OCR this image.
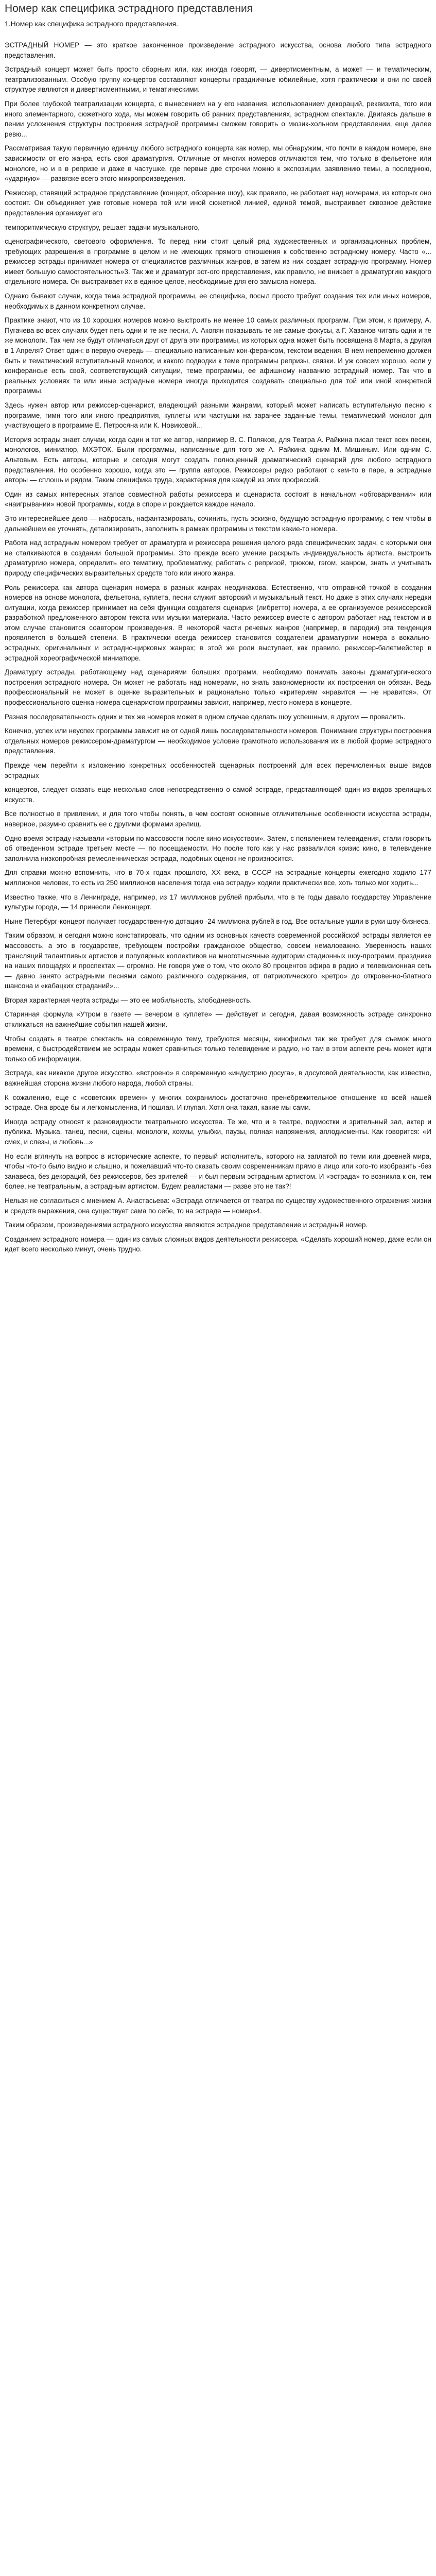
Номер как специфика эстрадного представления

1.Номер как специфика эстрадного представления.

ЭСТРАДНЫЙ НОМЕР — это краткое законченное произведение эстрадного искусства, основа любого типа эстрадного представления.

Эстрадный концерт может быть просто сборным или, как иногда говорят, — дивертисментным, а может — и тематическим, театрализованным. Особую группу концертов составляют концерты праздничные юбилейные, хотя практически и они по своей структуре являются и дивертисментными, и тематическими.

При более глубокой театрализации концерта, с вынесением на у его названия, использованием декораций, реквизита, того или иного элементарного, сюжетного хода, мы можем говорить об ранних представлениях, эстрадном спектакле. Двигаясь дальше в пении усложнения структуры построения эстрадной программы сможем говорить о мюзик-хольном представлении, еще далее ревю...

Рассматривая такую первичную единицу любого эстрадного концерта как номер, мы обнаружим, что почти в каждом номере, вне зависимости от его жанра, есть своя драматургия. Отличные от многих номеров отличаются тем, что только в фельетоне или монологе, но и в в репризе и даже в частушке, где первые две строчки можно к экспозиции, заявлению темы, а последнюю, «ударную» — развязке всего этого микропроизведения.

Режиссер, ставящий эстрадное представление (концерт, обозрение шоу), как правило, не работает над номерами, из которых оно состоит. Он объединяет уже готовые номера той или иной сюжетной линией, единой темой, выстраивает сквозное действие представления организует его

темпоритмическую структуру, решает задачи музыкального,

сценографического, светового оформления. То перед ним стоит целый ряд художественных и организационных проблем, требующих разрешения в программе в целом и не имеющих прямого отношения к собственно эстрадному номеру. Часто «... режиссер эстрады принимает номера от специалистов различных жанров, в затем из них создает эстрадную программу. Номер имеет большую самостоятельность»3. Так же и драматург эст-ого представления, как правило, не вникает в драматургию каждого отдельного номера. Он выстраивает их в единое целое, необходимые для его замысла номера.

Однако бывают случаи, когда тема эстрадной программы, ее специфика, посыл просто требует создания тех или иных номеров, необходимых в данном конкретном случае.

Практике знают, что из 10 хороших номеров можно выстроить не менее 10 самых различных программ. При этом, к примеру, А. Пугачева во всех случаях будет петь одни и те же песни, А. Акопян показывать те же самые фокусы, а Г. Хазанов читать одни и те же монологи. Так чем же будут отличаться друг от друга эти программы, из которых одна может быть посвящена 8 Марта, а другая в 1 Апреля? Ответ один: в первую очередь — специально написанным кон-ферансом, текстом ведения. В нем непременно должен быть и тематический вступительный монолог, и какого подводки к теме программы репризы, связки. И уж совсем хорошо, если у конферансье есть свой, соответствующий ситуации, теме программы, ее афишному названию эстрадный номер. Так что в реальных условиях те или иные эстрадные номера иногда приходится создавать специально для той или иной конкретной программы.

Здесь нужен автор или режиссер-сценарист, владеющий разными жанрами, который может написать вступительную песню к программе, гимн того или иного предприятия, куплеты или частушки на заранее заданные темы, тематический монолог для участвующего в программе Е. Петросяна или К. Новиковой...

История эстрады знает случаи, когда один и тот же автор, например В. С. Поляков, для Театра А. Райкина писал текст всех песен, монологов, миниатюр, МХЭТОК. Были программы, написанные для того же А. Райкина одним М. Мишиным. Или одним С. Альтовым. Есть авторы, которые и сегодня могут создать полноценный драматический сценарий для любого эстрадного представления. Но особенно хорошо, когда это — группа авторов. Режиссеры редко работают с кем-то в паре, а эстрадные авторы — сплошь и рядом. Таким специфика труда, характерная для каждой из этих профессий.

Один из самых интересных этапов совместной работы режиссера и сценариста состоит в начальном «обговаривании» или «наигрывании» новой программы, когда в споре и рождается каждое начало.

Это интереснейшее дело — набросать, нафантазировать, сочинить, пусть эскизно, будущую эстрадную программу, с тем чтобы в дальнейшем ее уточнять, детализировать, заполнить в рамках программы и текстом какие-то номера.

Работа над эстрадным номером требует от драматурга и режиссера решения целого ряда специфических задач, с которыми они не сталкиваются в создании большой программы. Это прежде всего умение раскрыть индивидуальность артиста, выстроить драматургию номера, определить его тематику, проблематику, работать с репризой, трюком, гэгом, жанром, знать и учитывать природу специфических выразительных средств того или иного жанра.

Роль режиссера как автора сценария номера в разных жанрах неодинакова. Естественно, что отправной точкой в создании номеров на основе монолога, фельетона, куплета, песни служит авторский и музыкальный текст. Но даже в этих случаях нередки ситуации, когда режиссер принимает на себя функции создателя сценария (либретто) номера, а ее организуемое режиссерской разработкой предложенного автором текста или музыки материала. Часто режиссер вместе с автором работает над текстом и в этом случае становится соавтором произведения. В некоторой части речевых жанров (например, в пародии) эта тенденция проявляется в большей степени. В практически всегда режиссер становится создателем драматургии номера в вокально-эстрадных, оригинальных и эстрадно-цирковых жанрах; в этой же роли выступает, как правило, режиссер-балетмейстер в эстрадной хореографической миниатюре.

Драматургу эстрады, работающему над сценариями больших программ, необходимо понимать законы драматургического построения эстрадного номера. Он может не работать над номерами, но знать закономерности их построения он обязан. Ведь профессиональный не может в оценке выразительных и рационально только «критериям «нравится — не нравится». От профессионального оценка номера сценаристом программы зависит, например, место номера в концерте.

Разная последовательность одних и тех же номеров может в одном случае сделать шоу успешным, в другом — провалить.

Конечно, успех или неуспех программы зависит не от одной лишь последовательности номеров. Понимание структуры построения отдельных номеров режиссером-драматургом — необходимое условие грамотного использования их в любой форме эстрадного представления.

Прежде чем перейти к изложению конкретных особенностей сценарных построений для всех перечисленных выше видов эстрадных

концертов, следует сказать еще несколько слов непосредственно о самой эстраде, представляющей один из видов зрелищных искусств.

Все полностью в привлении, и для того чтобы понять, в чем состоят основные отличительные особенности искусства эстрады, наверное, разумно сравнить ее с другими формами зрелищ.

Одно время эстраду называли «вторым по массовости после кино искусством». Затем, с появлением телевидения, стали говорить об отведенном эстраде третьем месте — по посещаемости. Но после того как у нас развалился кризис кино, в телевидение заполнила низкопробная ремесленническая эстрада, подобных оценок не произносится.

Для справки можно вспомнить, что в 70-х годах прошлого, XX века, в СССР на эстрадные концерты ежегодно ходило 177 миллионов человек, то есть из 250 миллионов населения тогда «на эстраду» ходили практически все, хоть только мог ходить...

Известно также, что в Ленинграде, например, из 17 миллионов рублей прибыли, что в те годы давало государству Управление культуры города, — 14 принесли Ленконцерт.

Ныне Петербург-концерт получает государственную дотацию -24 миллиона рублей в год. Все остальные ушли в руки шоу-бизнеса.

Таким образом, и сегодня можно констатировать, что одним из основных качеств современной российской эстрады является ее массовость, а это в государстве, требующем постройки гражданское общество, совсем немаловажно. Уверенность наших трансляций талантливых артистов и популярных коллективов на многотысячные аудитории стадионных шоу-программ, празднике на наших площадях и проспектах — огромно. Не говоря уже о том, что около 80 процентов эфира в радио и телевизионная сеть — давно занято эстрадными песнями самого различного содержания, от патриотического «ретро» до откровенно-блатного шансона и «кабацких страданий»...

Вторая характерная черта эстрады — это ее мобильность, злободневность.

Старинная формула «Утром в газете — вечером в куплете» — действует и сегодня, давая возможность эстраде синхронно откликаться на важнейшие события нашей жизни.

Чтобы создать в театре спектакль на современную тему, требуются месяцы, кинофильм так же требует для съемок много времени, с быстродействием же эстрады может сравниться только телевидение и радио, но там в этом аспекте речь может идти только об информации.

Эстрада, как никакое другое искусство, «встроено» в современную «индустрию досуга», в досуговой деятельности, как известно, важнейшая сторона жизни любого народа, любой страны.

К сожалению, еще с «советских времен» у многих сохранилось достаточно пренебрежительное отношение ко всей нашей эстраде. Она вроде бы и легкомысленна, И пошлая. И глупая. Хотя она такая, какие мы сами.

Иногда эстраду относят к разновидности театрального искусства. Те же, что и в театре, подмостки и зрительный зал, актер и публика. Музыка, танец, песни, сцены, монологи, хохмы, улыбки, паузы, полная напряжения, аплодисменты. Как говорится: «И смех, и слезы, и любовь...»

Но если вглянуть на вопрос в исторические аспекте, то первый исполнитель, которого на заплатой по теми или древней мира, чтобы что-то было видно и слышно, и пожелавший что-то сказать своим современникам прямо в лицо или кого-то изобразить -без занавеса, без декораций, без режиссеров, без зрителей — и был первым эстрадным артистом. И «эстрада» то возникла к он, тем более, не театральным, а эстрадным артистом. Будем реалистами — разве это не так?!

Нельзя не согласиться с мнением А. Анастасьева: «Эстрада отличается от театра по существу художественного отражения жизни и средств выражения, она существует сама по себе, то на эстраде — номер»4.

Таким образом, произведениями эстрадного искусства являются эстрадное представление и эстрадный номер.

Созданием эстрадного номера — один из самых сложных видов деятельности режиссера. «Сделать хороший номер, даже если он идет всего несколько минут, очень трудно.
